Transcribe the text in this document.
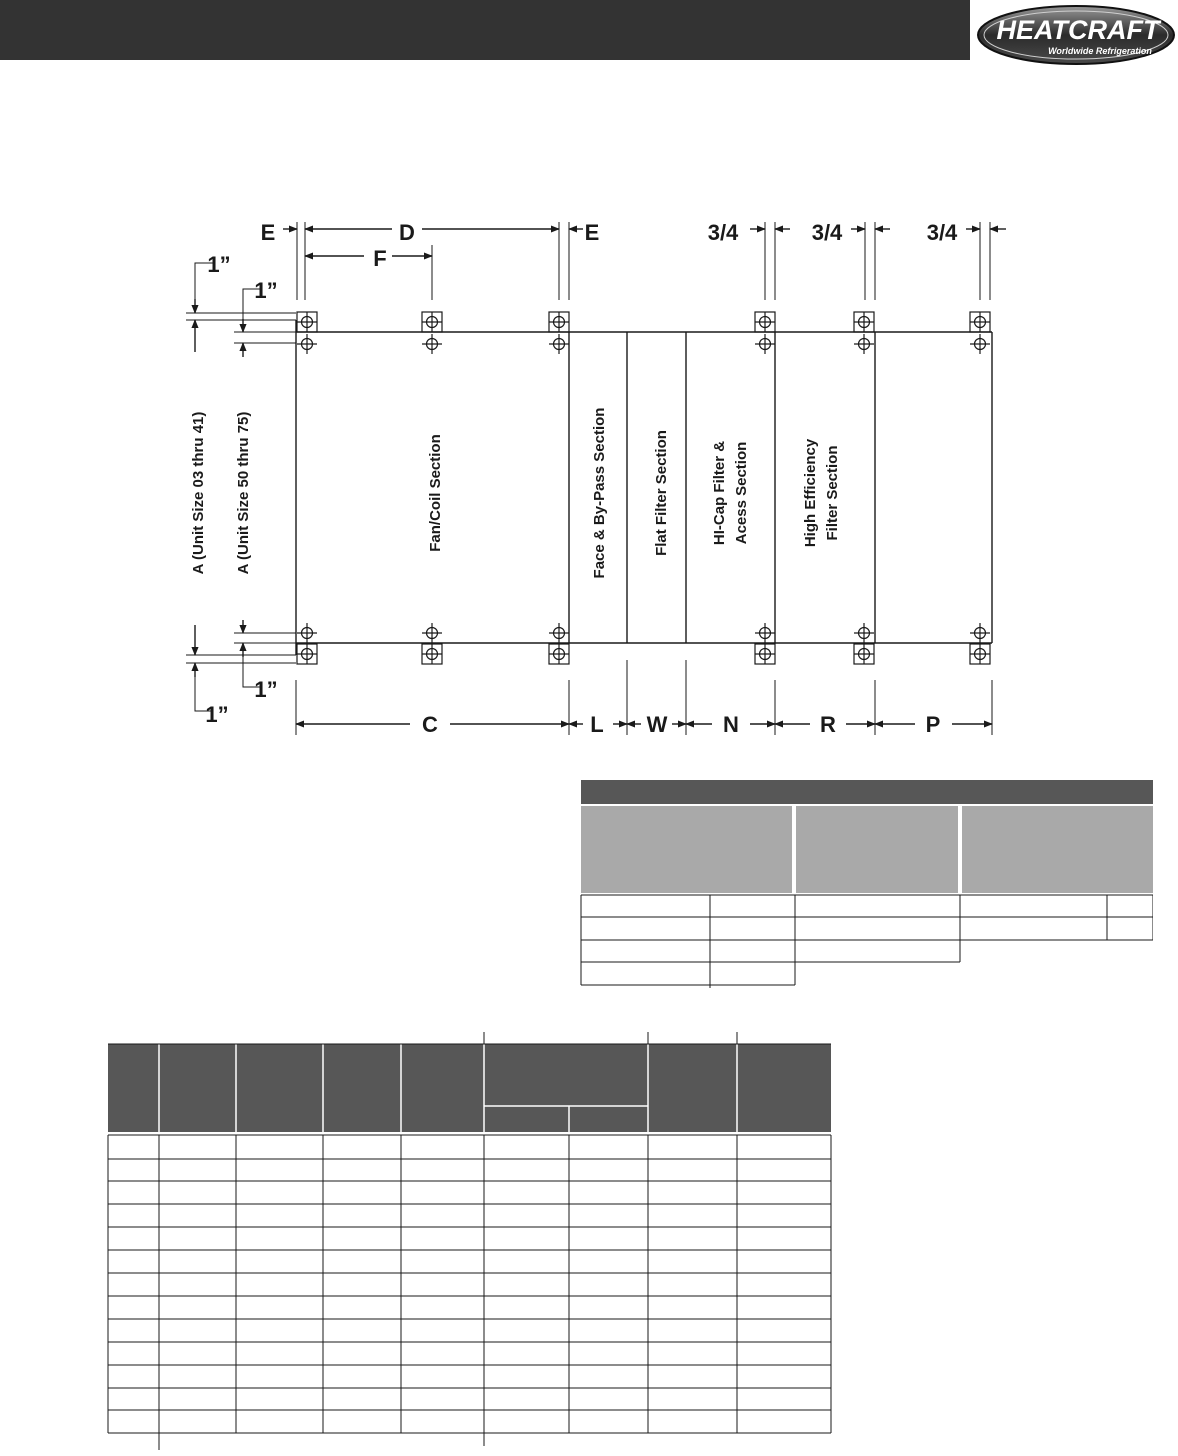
HEATCRAFT
Worldwide Refrigeration
E	D	E
F
3/4	3/4	3/4
1”
1”
1”
1”
A (Unit Size 03 thru 41) A (Unit Size 50 thru 75)	Fan/Coil Section	Face & By-Pass Section	Flat Filter Section	HI-Cap Filter & Acess Section	High Efficiency Filter Section
C	L W	N	R	P
